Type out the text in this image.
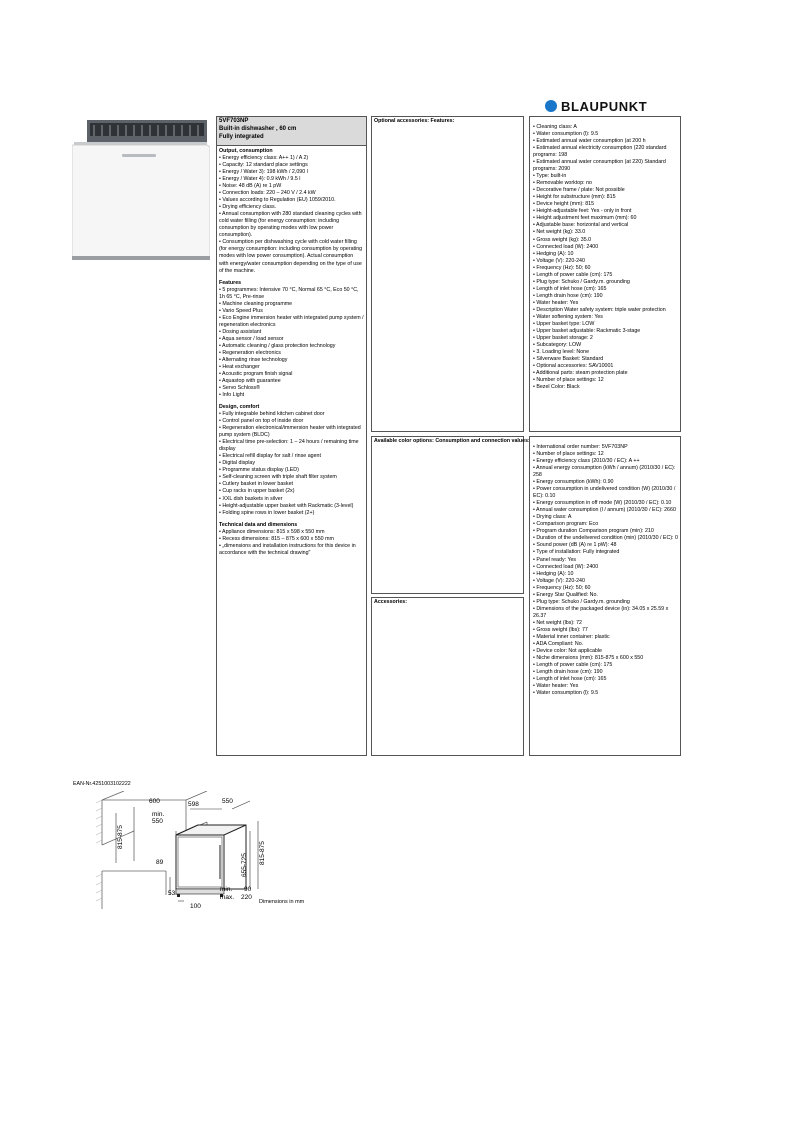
BLAUPUNKT
5VF703NP
Built-in dishwasher , 60 cm
Fully integrated
Output, consumption
• Energy efficiency class: A++ 1) / A 2)
• Capacity: 12 standard place settings
• Energy / Water 3): 198 kWh / 2,090 l
• Energy / Water 4): 0.9 kWh / 9.5 l
• Noise: 48 dB (A) re 1 pW
• Connection loads: 220 – 240 V / 2.4 kW
• Values according to Regulation (EU) 1059/2010.
• Drying efficiency class.
• Annual consumption with 280 standard cleaning cycles with cold water filling (for energy consumption: including consumption by operating modes with low power consumption).
• Consumption per dishwashing cycle with cold water filling (for energy consumption: including consumption by operating modes with low power consumption). Actual consumption with energy/water consumption depending on the type of use of the machine.
Features
• 5 programmes: Intensive 70 °C, Normal 65 °C, Eco 50 °C, 1h 65 °C, Pre-rinse
• Machine cleaning programme
• Vario Speed Plus
• Eco Engine immersion heater with integrated pump system / regeneration electronics
• Dosing assistant
• Aqua sensor / load sensor
• Automatic cleaning / glass protection technology
• Regeneration electronics
• Alternating rinse technology
• Heat exchanger
• Acoustic program finish signal
• Aquastop with guarantee
• Servo Schloss®
• Info Light
Design, comfort
• Fully integrable behind kitchen cabinet door
• Control panel on top of inside door
• Regeneration electronical/immersion heater with integrated pump system (BLDC)
• Electrical time pre-selection: 1 – 24 hours / remaining time display
• Electrical refill display for salt / rinse agent
• Digital display
• Programme status display (LED)
• Self-cleaning screen with triple shaft filter system
• Cutlery basket in lower basket
• Cup racks in upper basket (2x)
• XXL dish baskets in silver
• Height-adjustable upper basket with Rackmatic (3-level)
• Folding spine rows in lower basket (2+)
Technical data and dimensions
• Appliance dimensions: 815 x 598 x 550 mm
• Recess dimensions: 815 – 875 x 600 x 550 mm
• „dimensions and installation instructions for this device in accordance with the technical drawing"
Optional accessories: Features:
Available color options: Consumption and connection values:
Accessories:
• Cleaning class: A
• Water consumption (l): 9.5
• Estimated annual water consumption (at 200 h
• Estimated annual electricity consumption (220 standard programs: 198
• Estimated annual water consumption (at 220) Standard programs: 2090
• Type: built-in
• Removable worktop: no
• Decorative frame / plate: Not possible
• Height for substructure (mm): 815
• Device height (mm): 815
• Height-adjustable feet: Yes - only in front
• Height adjustment feet maximum (mm): 60
• Adjustable base: horizontal and vertical
• Net weight (kg): 33.0
• Gross weight (kg): 35.0
• Connected load (W): 2400
• Hedging (A): 10
• Voltage (V): 220-240
• Frequency (Hz): 50; 60
• Length of power cable (cm): 175
• Plug type: Schuko / Gardy.m. grounding
• Length of inlet hose (cm): 165
• Length drain hose (cm): 190
• Water heater: Yes
• Description Water safety system: triple water protection
• Water softening system: Yes
• Upper basket type: LOW
• Upper basket adjustable: Rackmatic 3-stage
• Upper basket storage: 2
• Subcategory: LOW
• 3. Loading level: None
• Silverware Basket: Standard
• Optional accessories: SAV10001
• Additional parts: steam protection plate
• Number of place settings: 12
• Bezel Color: Black
• International order number: 5VF703NP
• Number of place settings: 12
• Energy efficiency class (2010/30 / EC): A ++
• Annual energy consumption (kWh / annum) (2010/30 / EC): 258
• Energy consumption (kWh): 0.90
• Power consumption in undelivered condition (W) (2010/30 / EC): 0.10
• Energy consumption in off mode (W) (2010/30 / EC): 0.10
• Annual water consumption (l / annum) (2010/30 / EC): 2660
• Drying class: A
• Comparison program: Eco
• Program duration Comparison program (min): 210
• Duration of the undelivered condition (min) (2010/30 / EC): 0
• Sound power (dB (A) re 1 pW): 48
• Type of installation: Fully integrated
• Panel ready: Yes
• Connected load (W): 2400
• Hedging (A): 10
• Voltage (V): 220-240
• Frequency (Hz): 50; 60
• Energy Star Qualified: No.
• Plug type: Schuko / Gardy.m. grounding
• Dimensions of the packaged device (in): 34.05 x 25.59 x 26.37
• Net weight (lbs): 72
• Gross weight (lbs): 77
• Material inner container: plastic
• ADA Compliant: No.
• Device color: Not applicable
• Niche dimensions (mm): 815-875 x 600 x 550
• Length of power cable (cm): 175
• Length drain hose (cm): 190
• Length of inlet hose (cm): 165
• Water heater: Yes
• Water consumption (l): 9.5
EAN-Nr.4251003102222
600
min.
550
598	550
815-875
655-725
815-875
89
53
100
min.
max.
90
220
Dimensions in mm
